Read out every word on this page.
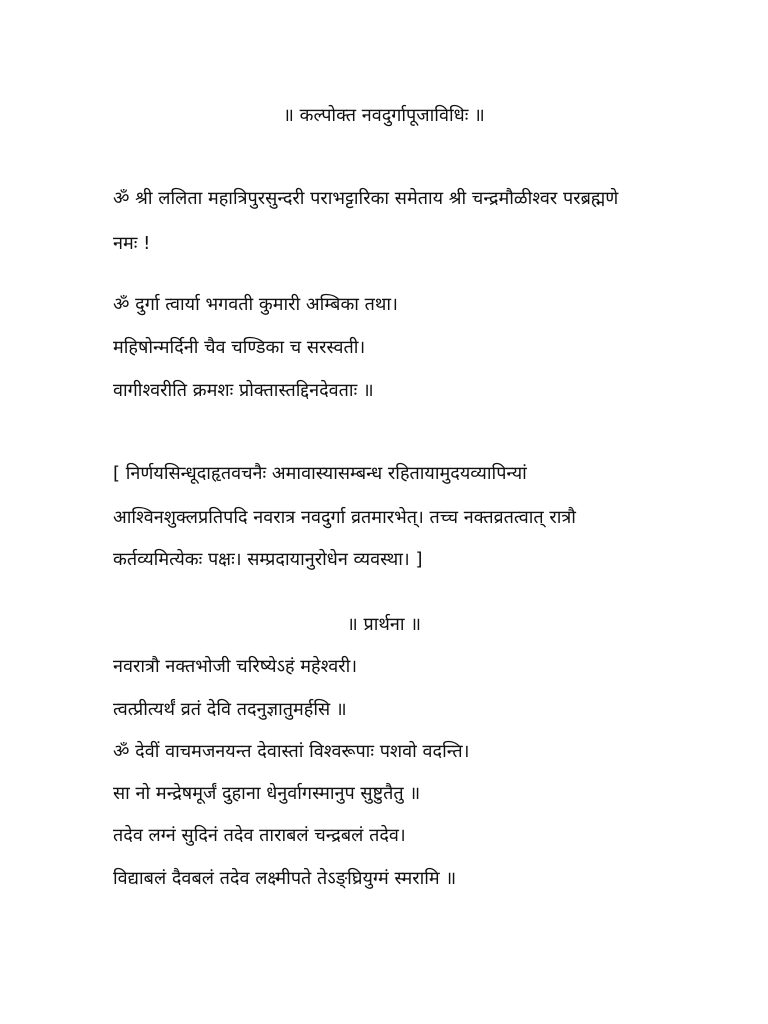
॥ कल्पोक्त नवदुर्गापूजाविधिः ॥
ॐ श्री ललिता महात्रिपुरसुन्दरी पराभट्टारिका समेताय श्री चन्द्रमौळीश्वर परब्रह्मणे
नमः !
ॐ दुर्गा त्वार्या भगवती कुमारी अम्बिका तथा।
महिषोन्मर्दिनी चैव चण्डिका च सरस्वती।
वागीश्वरीति क्रमशः प्रोक्तास्तद्दिनदेवताः ॥
[ निर्णयसिन्धूदाहृतवचनैः अमावास्यासम्बन्ध रहितायामुदयव्यापिन्यां
आश्विनशुक्लप्रतिपदि नवरात्र नवदुर्गा व्रतमारभेत्। तच्च नक्तव्रतत्वात् रात्रौ
कर्तव्यमित्येकः पक्षः। सम्प्रदायानुरोधेन व्यवस्था। ]
॥ प्रार्थना ॥
नवरात्रौ नक्तभोजी चरिष्येऽहं महेश्वरी।
त्वत्प्रीत्यर्थं व्रतं देवि तदनुज्ञातुमर्हसि ॥
ॐ देवीं वाचमजनयन्त देवास्तां विश्वरूपाः पशवो वदन्ति।
सा नो मन्द्रेषमूर्जं दुहाना धेनुर्वागस्मानुप सुष्टुतैतु ॥
तदेव लग्नं सुदिनं तदेव ताराबलं चन्द्रबलं तदेव।
विद्याबलं दैवबलं तदेव लक्ष्मीपते तेऽङ्घ्रियुग्मं स्मरामि ॥
